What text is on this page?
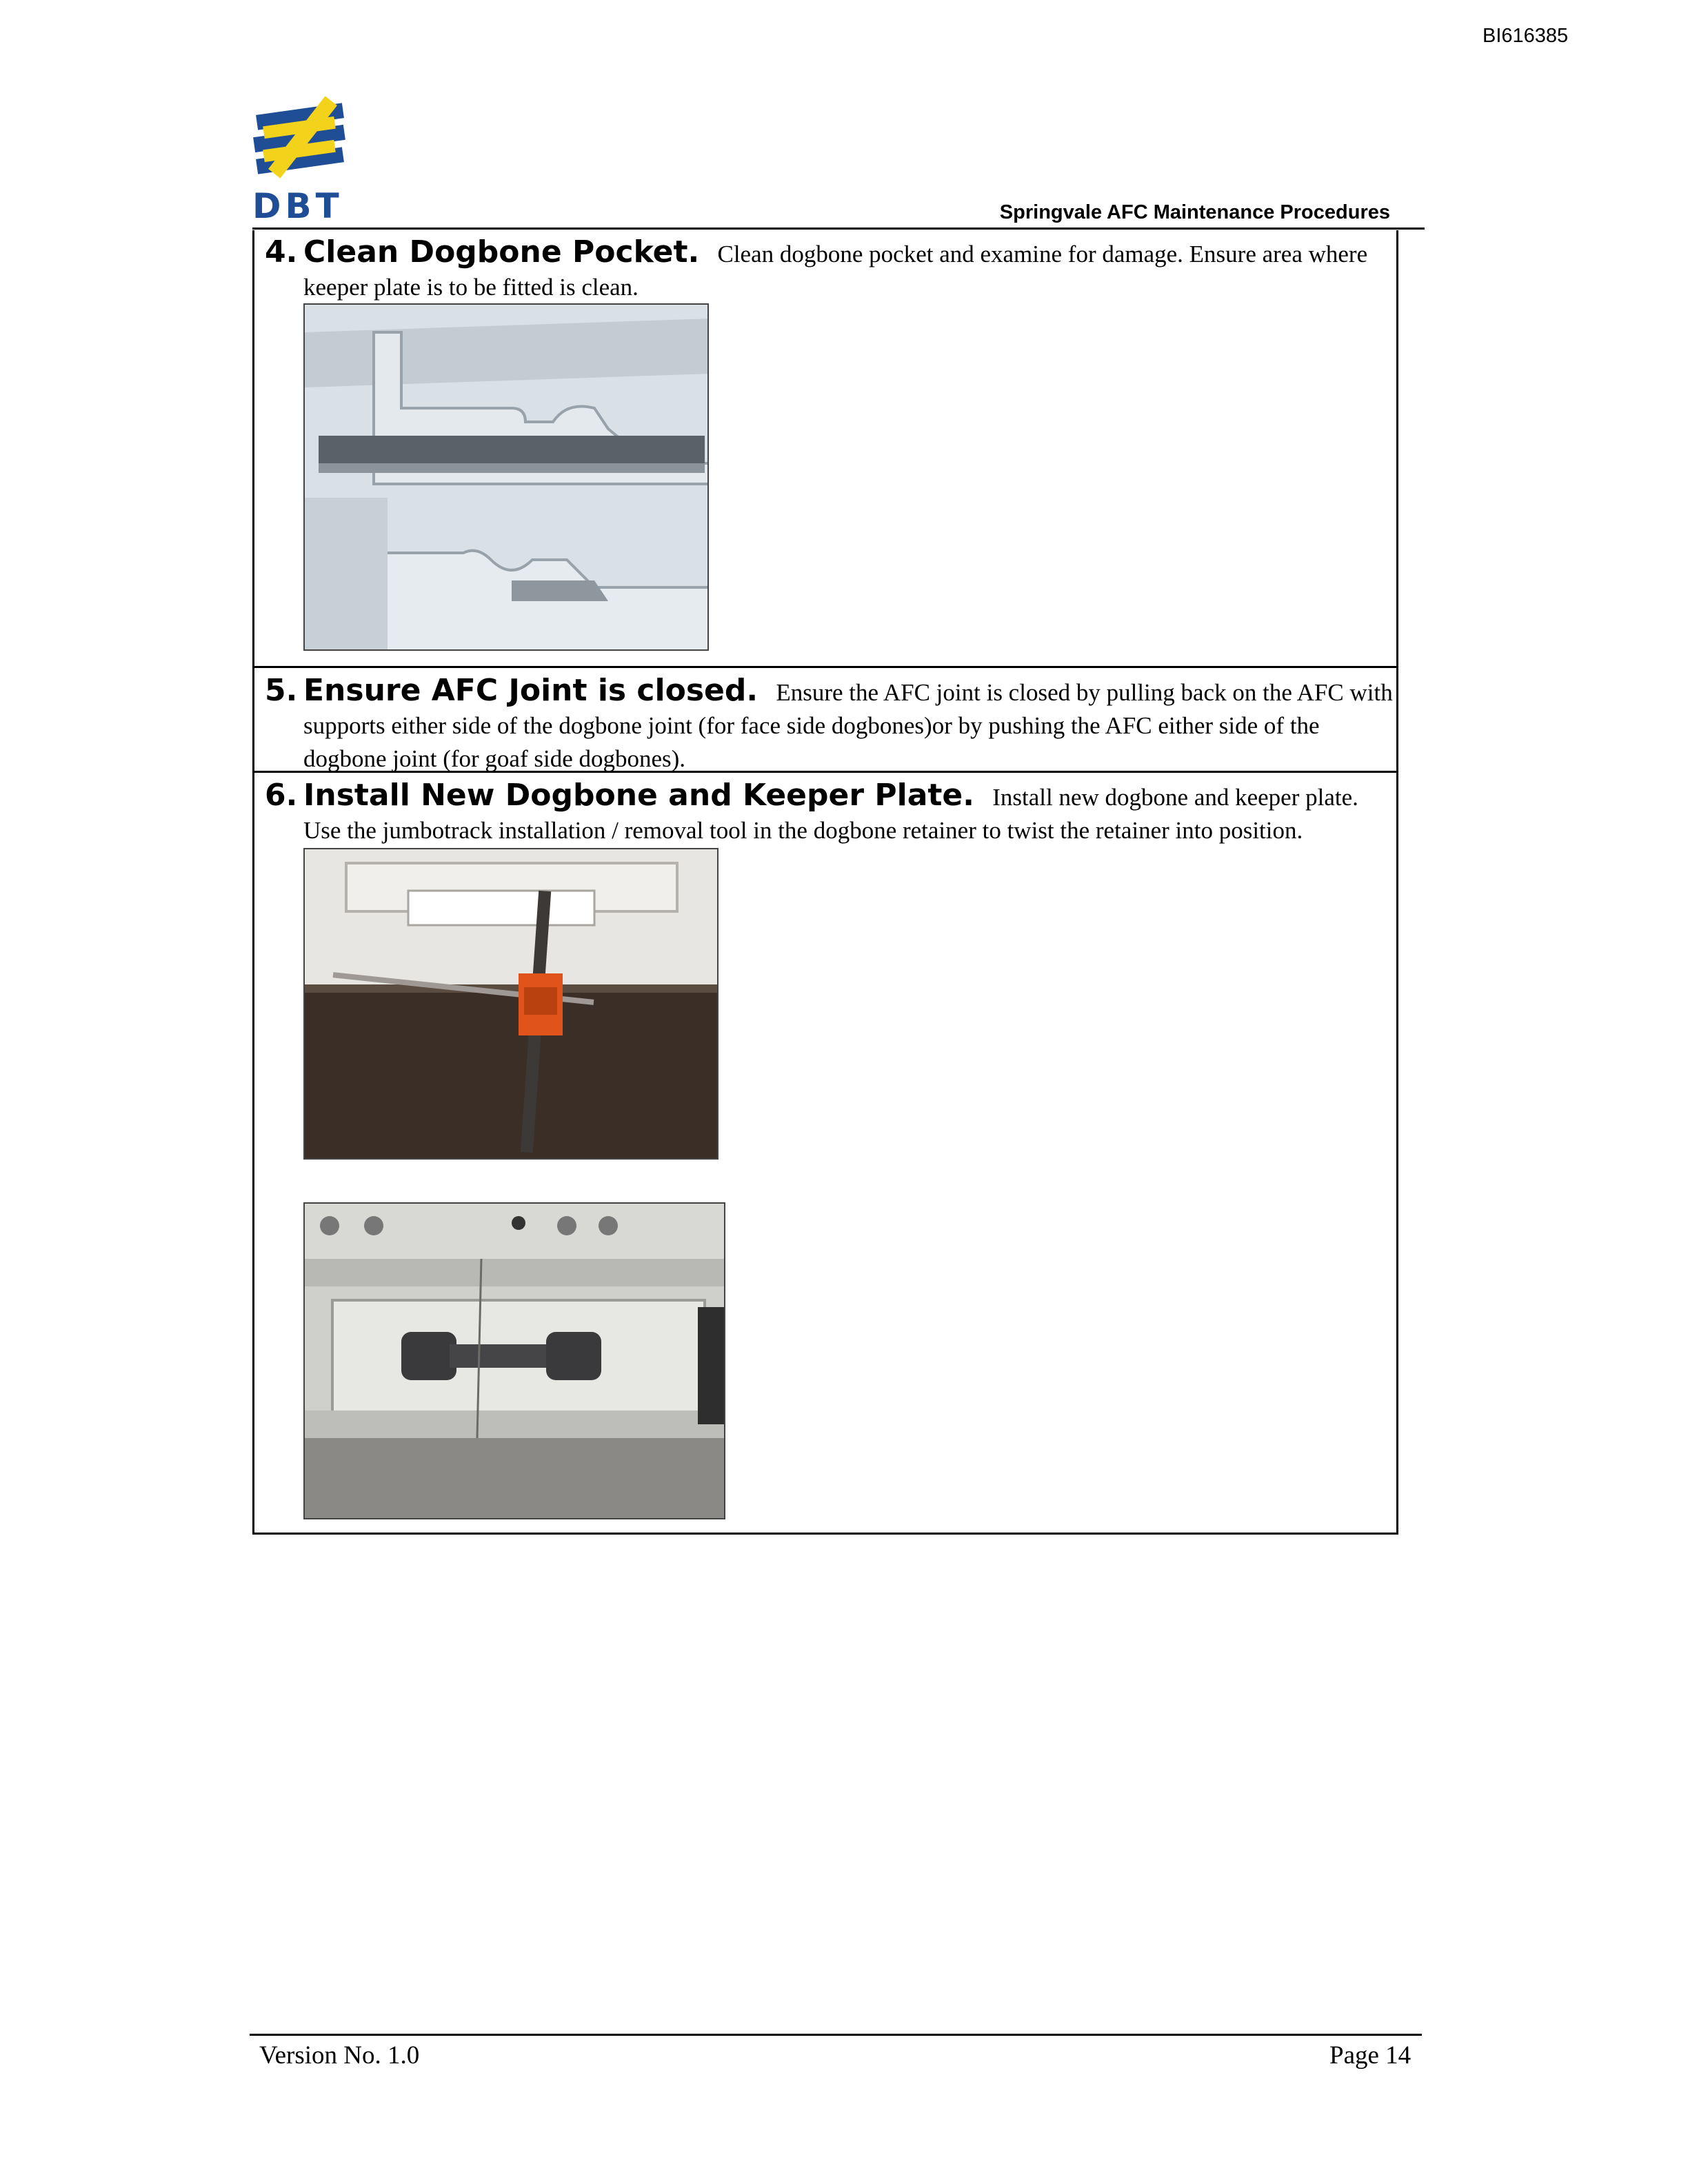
BI616385
DBT	Springvale AFC Maintenance Procedures
4. Clean Dogbone Pocket. Clean dogbone pocket and examine for damage. Ensure area where keeper plate is to be fitted is clean.
5. Ensure AFC Joint is closed. Ensure the AFC joint is closed by pulling back on the AFC with supports either side of the dogbone joint (for face side dogbones)or by pushing the AFC either side of the dogbone joint (for goaf side dogbones).
6. Install New Dogbone and Keeper Plate. Install new dogbone and keeper plate. Use the jumbotrack installation / removal tool in the dogbone retainer to twist the retainer into position.
Version No. 1.0	Page 14
